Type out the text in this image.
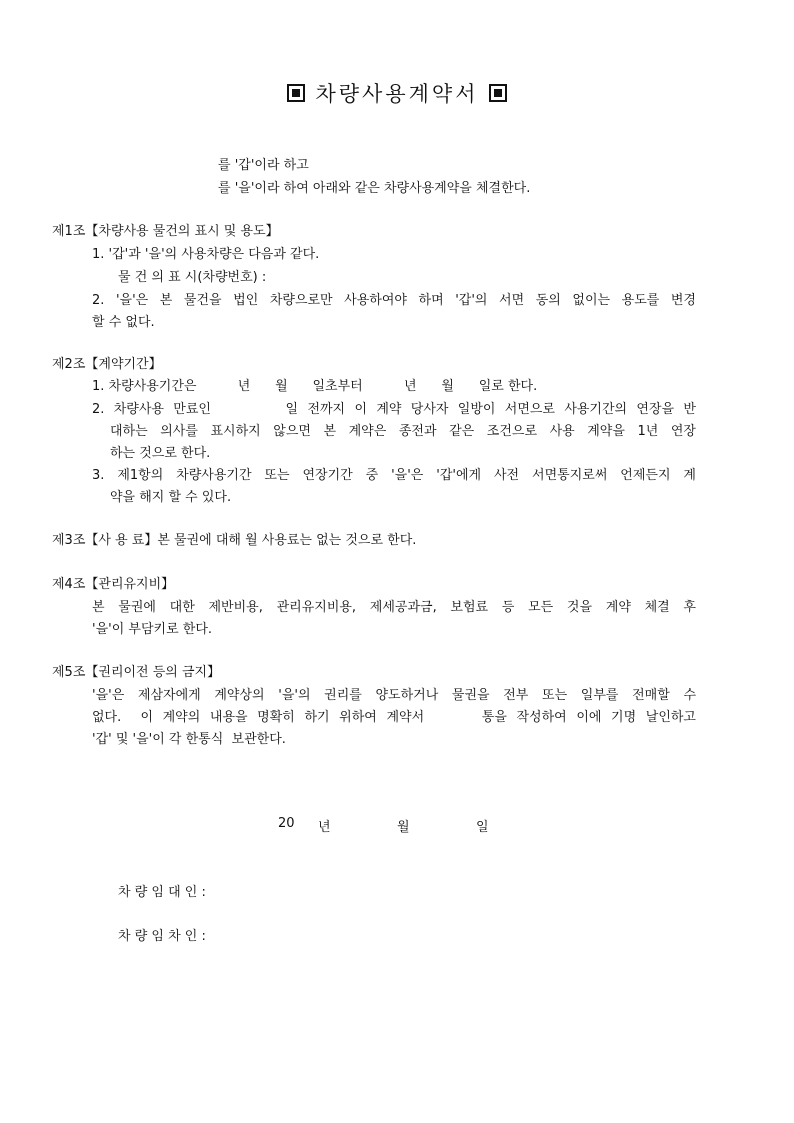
차량사용계약서
를 '갑'이라 하고
를 '을'이라 하여 아래와 같은 차량사용계약을 체결한다.
제1조【차량사용 물건의 표시 및 용도】
1. '갑'과 '을'의 사용차량은 다음과 같다.
물 건 의 표 시(차량번호) :
2. '을'은 본 물건을 법인 차량으로만 사용하여야 하며 '갑'의 서면 동의 없이는 용도를 변경
할 수 없다.
제2조【계약기간】
1. 차량사용기간은          년      월      일초부터          년      월      일로 한다.
2. 차량사용 만료인        일 전까지 이 계약 당사자 일방이 서면으로 사용기간의 연장을 반
대하는 의사를 표시하지 않으면 본 계약은 종전과 같은 조건으로 사용 계약을 1년 연장
하는 것으로 한다.
3. 제1항의 차량사용기간 또는 연장기간 중 '을'은 '갑'에게 사전 서면통지로써 언제든지 계
약을 해지 할 수 있다.
제3조【사 용 료】본 물권에 대해 월 사용료는 없는 것으로 한다.
제4조【관리유지비】
본 물권에 대한 제반비용, 관리유지비용, 제세공과금, 보험료 등 모든 것을 계약 체결 후
'을'이 부담키로 한다.
제5조【권리이전 등의 금지】
'을'은 제삼자에게 계약상의 '을'의 권리를 양도하거나 물권을 전부 또는 일부를 전매할 수
없다.  이 계약의 내용을 명확히 하기 위하여 계약서      통을 작성하여 이에 기명 날인하고
'갑' 및 '을'이 각 한통식  보관한다.
20 년	월	일
차 량 임 대 인 :
차 량 임 차 인 :
